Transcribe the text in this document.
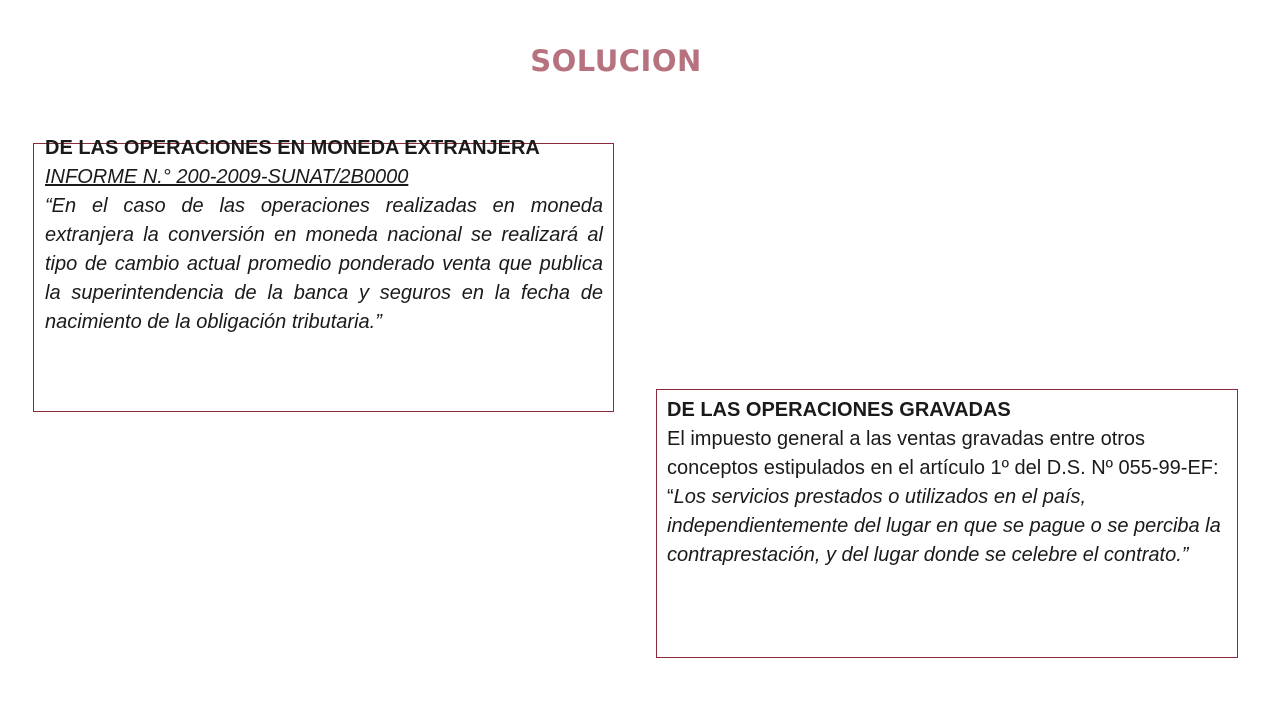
SOLUCION
DE LAS OPERACIONES EN MONEDA EXTRANJERA
INFORME N.° 200-2009-SUNAT/2B0000
“En el caso de las operaciones realizadas en moneda extranjera la conversión en moneda nacional se realizará al tipo de cambio actual promedio ponderado venta que publica la superintendencia de la banca y seguros en la fecha de nacimiento de la obligación tributaria.”
DE LAS OPERACIONES GRAVADAS
El impuesto general a las ventas gravadas entre otros conceptos estipulados en el artículo 1º del D.S. Nº 055-99-EF:
“Los servicios prestados o utilizados en el país, independientemente del lugar en que se pague o se perciba la contraprestación, y del lugar donde se celebre el contrato.”
